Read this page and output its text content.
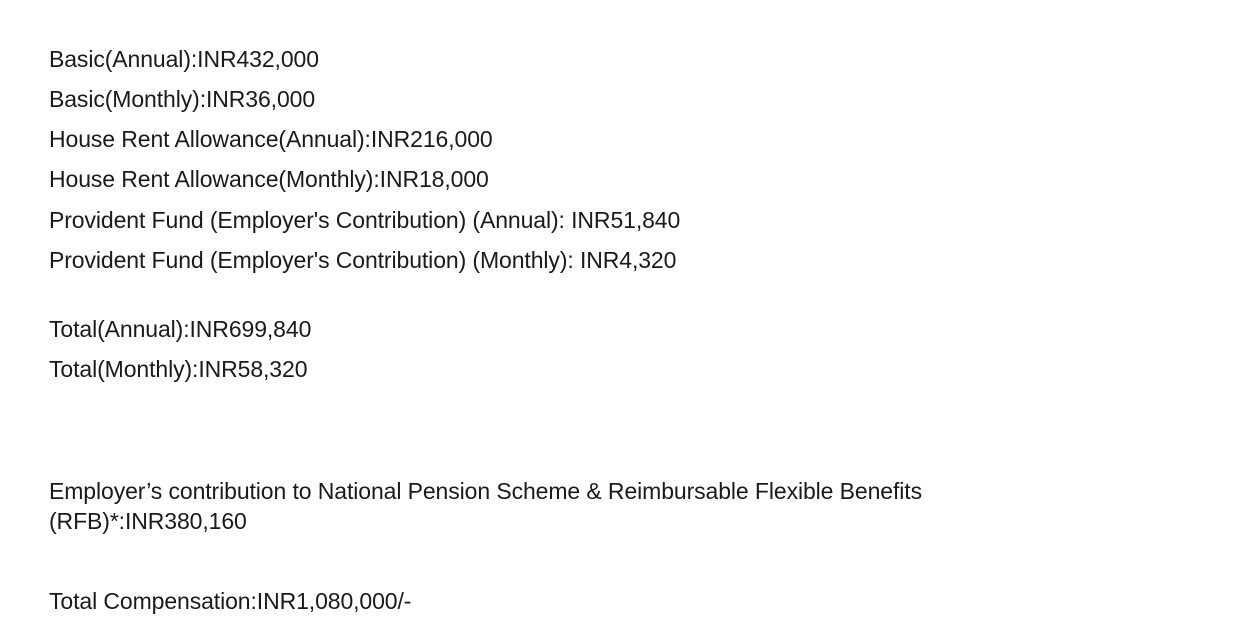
Basic(Annual):INR432,000
Basic(Monthly):INR36,000
House Rent Allowance(Annual):INR216,000
House Rent Allowance(Monthly):INR18,000
Provident Fund (Employer's Contribution) (Annual): INR51,840
Provident Fund (Employer's Contribution) (Monthly): INR4,320
Total(Annual):INR699,840
Total(Monthly):INR58,320
Employer’s contribution to National Pension Scheme & Reimbursable Flexible Benefits
(RFB)*:INR380,160
Total Compensation:INR1,080,000/-
